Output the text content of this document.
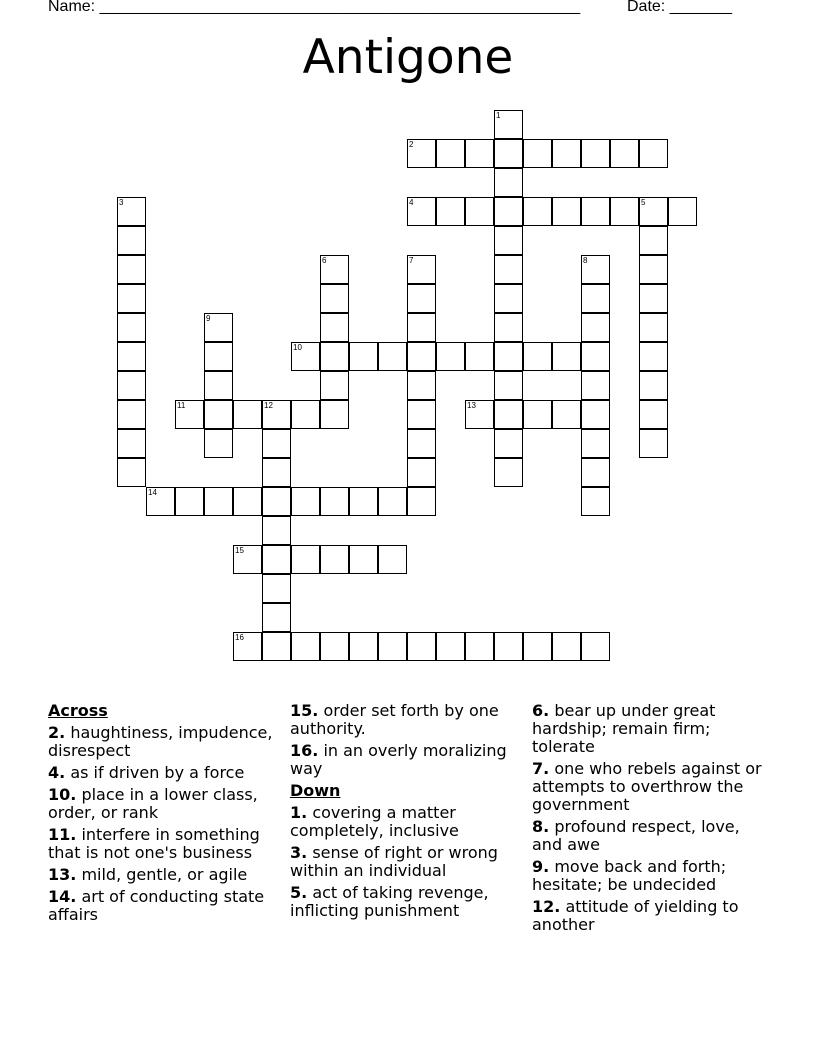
Name: ______________________________________________________	Date: _______
Antigone
1
2
3	4	5
6	7	8
9
10
11	12	13
14
15
16
Across
2. haughtiness, impudence, disrespect
4. as if driven by a force
10. place in a lower class, order, or rank
11. interfere in something that is not one's business
13. mild, gentle, or agile
14. art of conducting state affairs
15. order set forth by one authority.
16. in an overly moralizing way
Down
1. covering a matter completely, inclusive
3. sense of right or wrong within an individual
5. act of taking revenge, inflicting punishment
6. bear up under great hardship; remain firm; tolerate
7. one who rebels against or attempts to overthrow the government
8. profound respect, love, and awe
9. move back and forth; hesitate; be undecided
12. attitude of yielding to another
